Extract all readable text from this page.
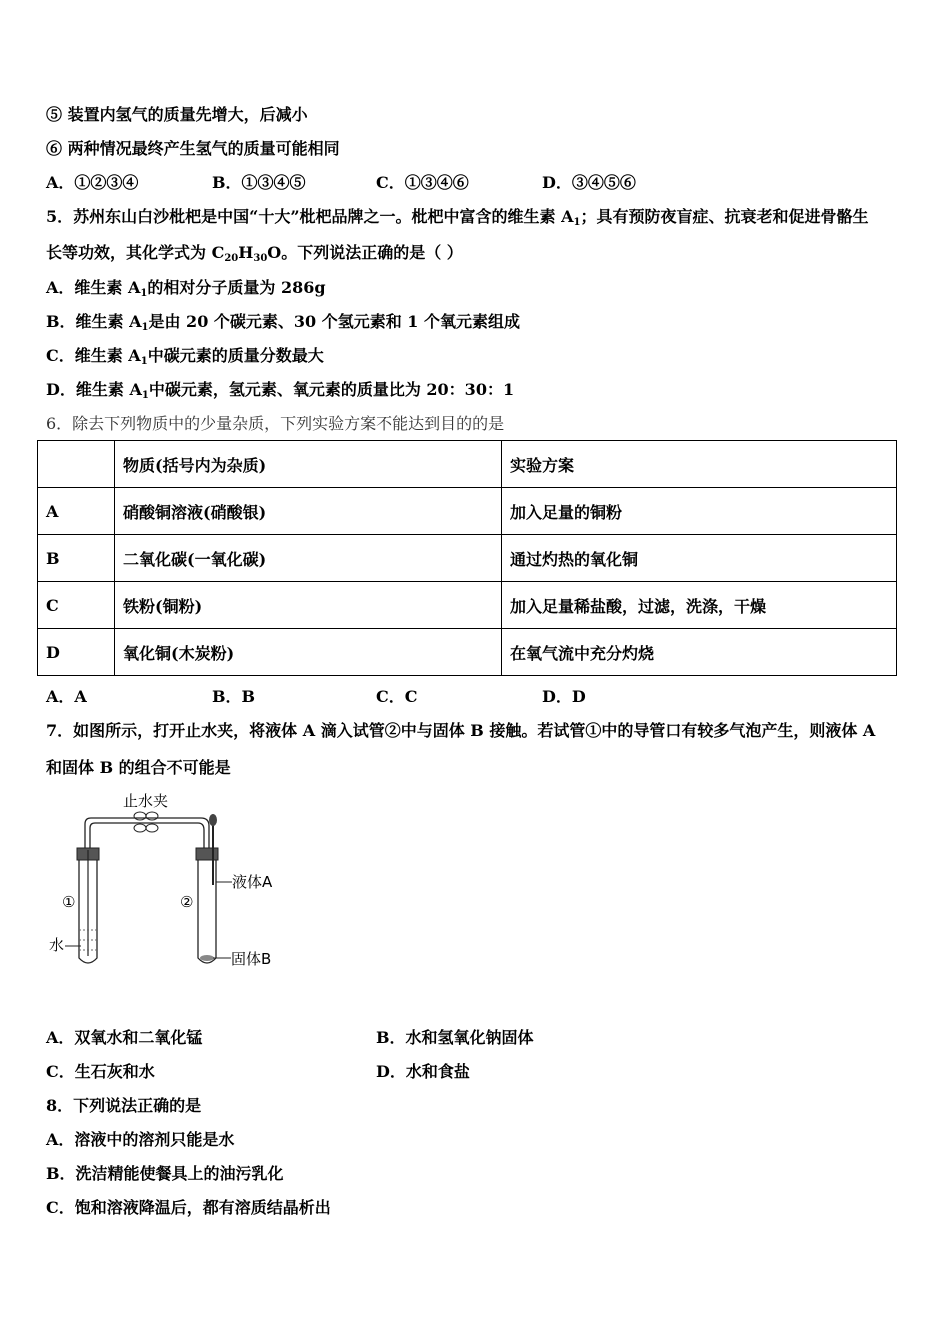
⑤ 装置内氢气的质量先增大，后减小
⑥ 两种情况最终产生氢气的质量可能相同
A．①②③④	B．①③④⑤	C．①③④⑥	D．③④⑤⑥
5．苏州东山白沙枇杷是中国“十大”枇杷品牌之一。枇杷中富含的维生素 $A_1$；具有预防夜盲症、抗衰老和促进骨骼生
长等功效，其化学式为 $C_{20}H_{30}O$。下列说法正确的是（ ）
A．维生素 $A_1$的相对分子质量为 286g
B．维生素 $A_1$是由 20 个碳元素、30 个氢元素和 1 个氧元素组成
C．维生素 $A_1$中碳元素的质量分数最大
D．维生素 $A_1$中碳元素，氢元素、氧元素的质量比为 20：30：1
6．除去下列物质中的少量杂质，下列实验方案不能达到目的的是
	物质(括号内为杂质)	实验方案
A	硝酸铜溶液(硝酸银)	加入足量的铜粉
B	二氧化碳(一氧化碳)	通过灼热的氧化铜
C	铁粉(铜粉)	加入足量稀盐酸，过滤，洗涤，干燥
D	氧化铜(木炭粉)	在氧气流中充分灼烧
A．A	B．B	C．C	D．D
7．如图所示，打开止水夹，将液体 A 滴入试管②中与固体 B 接触。若试管①中的导管口有较多气泡产生，则液体 A
和固体 B 的组合不可能是
止水夹
①
水
②
液体A
固体B
A．双氧水和二氧化锰	B．水和氢氧化钠固体
C．生石灰和水	D．水和食盐
8．下列说法正确的是
A．溶液中的溶剂只能是水
B．洗洁精能使餐具上的油污乳化
C．饱和溶液降温后，都有溶质结晶析出
